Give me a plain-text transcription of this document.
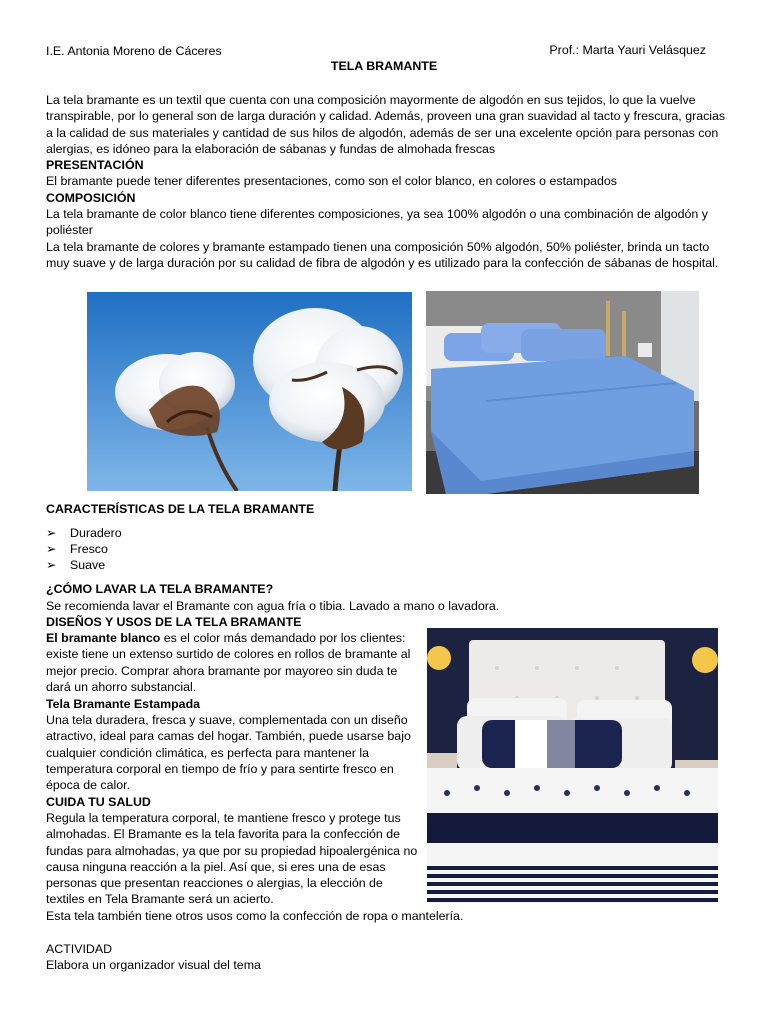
I.E. Antonia Moreno de Cáceres	Prof.: Marta Yauri Velásquez
TELA BRAMANTE
La tela bramante es un textil que cuenta con una composición mayormente de algodón en sus tejidos, lo que la vuelve transpirable, por lo general son de larga duración y calidad. Además, proveen una gran suavidad al tacto y frescura, gracias a la calidad de sus materiales y cantidad de sus hilos de algodón, además de ser una excelente opción para personas con alergias, es idóneo para la elaboración de sábanas y fundas de almohada frescas
PRESENTACIÓN
El bramante puede tener diferentes presentaciones, como son el color blanco, en colores o estampados
COMPOSICIÓN
La tela bramante de color blanco tiene diferentes composiciones, ya sea 100% algodón o una combinación de algodón y poliéster
La tela bramante de colores y bramante estampado tienen una composición 50% algodón, 50% poliéster, brinda un tacto muy suave y de larga duración por su calidad de fibra de algodón y es utilizado para la confección de sábanas de hospital.
CARACTERÍSTICAS DE LA TELA BRAMANTE
➢ Duradero
➢ Fresco
➢ Suave
¿CÓMO LAVAR LA TELA BRAMANTE?
Se recomienda lavar el Bramante con agua fría o tibia. Lavado a mano o lavadora.
DISEÑOS Y USOS DE LA TELA BRAMANTE
El bramante blanco es el color más demandado por los clientes: existe tiene un extenso surtido de colores en rollos de bramante al mejor precio. Comprar ahora bramante por mayoreo sin duda te dará un ahorro substancial.
Tela Bramante Estampada
Una tela duradera, fresca y suave, complementada con un diseño atractivo, ideal para camas del hogar. También, puede usarse bajo cualquier condición climática, es perfecta para mantener la temperatura corporal en tiempo de frío y para sentirte fresco en época de calor.
CUIDA TU SALUD
Regula la temperatura corporal, te mantiene fresco y protege tus almohadas. El Bramante es la tela favorita para la confección de fundas para almohadas, ya que por su propiedad hipoalergénica no causa ninguna reacción a la piel. Así que, si eres una de esas personas que presentan reacciones o alergias, la elección de textiles en Tela Bramante será un acierto.
Esta tela también tiene otros usos como la confección de ropa o mantelería.
ACTIVIDAD
Elabora un organizador visual del tema
